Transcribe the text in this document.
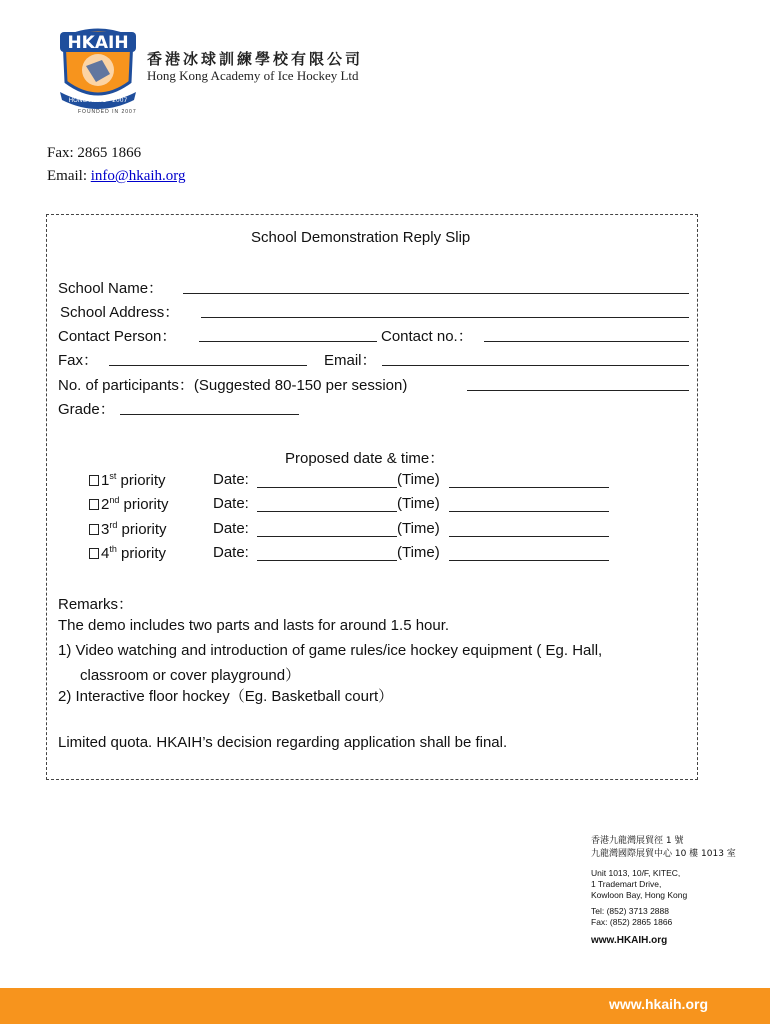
HKAIH
HONG KONG · 2007
FOUNDED IN 2007
香港冰球訓練學校有限公司
Hong Kong Academy of Ice Hockey Ltd
Fax: 2865 1866
Email: info@hkaih.org
School Demonstration Reply Slip
School Name：
School Address：
Contact Person：	Contact no.：
Fax：	Email：
No. of participants：(Suggested 80-150 per session)
Grade：
Proposed date & time：
1st priority	Date:	(Time)
2nd priority	Date:	(Time)
3rd priority	Date:	(Time)
4th priority	Date:	(Time)
Remarks：
The demo includes two parts and lasts for around 1.5 hour.
1) Video watching and introduction of game rules/ice hockey equipment ( Eg. Hall,
classroom or cover playground）
2) Interactive floor hockey（Eg. Basketball court）
Limited quota. HKAIH’s decision regarding application shall be final.
香港九龍灣展貿徑 1 號
九龍灣國際展貿中心 10 樓 1013 室
Unit 1013, 10/F, KITEC,
1 Trademart Drive,
Kowloon Bay, Hong Kong
Tel: (852) 3713 2888
Fax: (852) 2865 1866
www.HKAIH.org
www.hkaih.org
